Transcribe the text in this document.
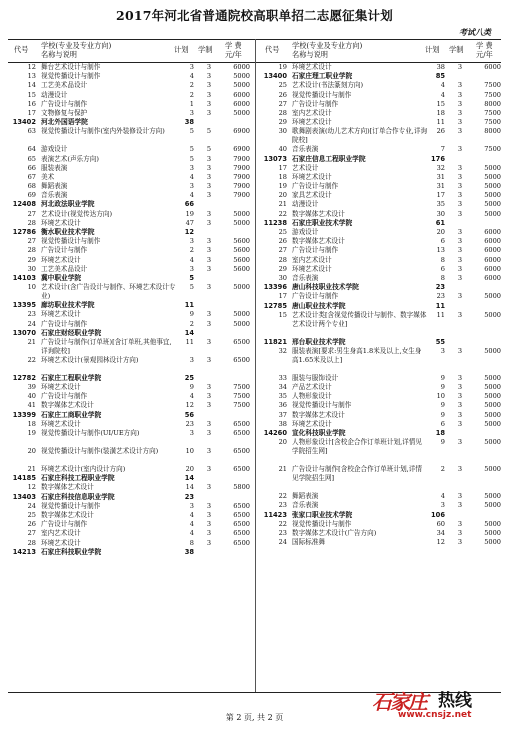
2017年河北省普通院校高职单招二志愿征集计划
考试八类
代号 学校(专业及专业方向)
名称与说明	计划 学制 学 费
元/年	代号 学校(专业及专业方向)
名称与说明	计划 学制 学 费
元/年
12 舞台艺术设计与制作	3	3	6000
13 视觉传播设计与制作	4	3	5000
14 工艺美术品设计	2	3	5000
15 动漫设计	2	3	6000
16 广告设计与制作	1	3	6000
17 文物修复与保护	3	3	5000
13402 河北外国语学院	38
63 视觉传播设计与制作(室内外装修设计方向)	5	5	6900
64 游戏设计	5	5	6900
65 表演艺术(声乐方向)	5	3	7900
66 服装表演	3	3	7900
67 美术	4	3	7900
68 舞蹈表演	3	3	7900
69 音乐表演	4	3	7900
12408 河北政法职业学院	66
27 艺术设计(视觉传达方向)	19	3	5000
28 环境艺术设计	47	3	5000
12786 衡水职业技术学院	12
27 视觉传播设计与制作	3	3	5600
28 广告设计与制作	2	3	5600
29 环境艺术设计	4	3	5600
30 工艺美术品设计	3	3	5600
14103 冀中职业学院	5
10 艺术设计(含广告设计与制作、环境艺术设计专业)
5	3	5000
13395 廊坊职业技术学院	11
23 环境艺术设计	9	3	5000
24 广告设计与制作	2	3	5000
13070 石家庄财经职业学院	14
21 广告设计与制作(订单班)[含订单班,其他事宜,详询院校]
11	3	6500
22 环境艺术设计(景观园林设计方向)	3	3	6500
12782 石家庄工程职业学院	25
39 环境艺术设计	9	3	7500
40 广告设计与制作	4	3	7500
41 数字媒体艺术设计	12	3	7500
13399 石家庄工商职业学院	56
18 环境艺术设计	23	3	6500
19 视觉传播设计与制作(UI/UE方向)	3	3	6500
20 视觉传播设计与制作(装潢艺术设计方向)	10	3	6500
21 环境艺术设计(室内设计方向)	20	3	6500
14185 石家庄科技工程职业学院	14
12 数字媒体艺术设计	14	3	5800
13403 石家庄科技信息职业学院	23
24 视觉传播设计与制作	3	3	6500
25 数字媒体艺术设计	4	3	6500
26 广告设计与制作	4	3	6500
27 室内艺术设计	4	3	6500
28 环境艺术设计	8	3	6500
14213 石家庄科技职业学院	38
19 环境艺术设计	38	3	6000
13400 石家庄理工职业学院	85
25 艺术设计(书法篆刻方向)	4	3	7500
26 视觉传播设计与制作	4	3	7500
27 广告设计与制作	15	3	8000
28 室内艺术设计	18	3	7500
29 环境艺术设计	11	3	7500
30 歌舞剧表演(幼儿艺术方向)[订单合作专业,详询院校]
26	3	8000
40 音乐表演	7	3	7500
13073 石家庄信息工程职业学院	176
17 艺术设计	32	3	5000
18 环境艺术设计	31	3	5000
19 广告设计与制作	31	3	5000
20 家具艺术设计	17	3	5000
21 动漫设计	35	3	5000
22 数字媒体艺术设计	30	3	5000
11238 石家庄职业技术学院	61
25 游戏设计	20	3	6000
26 数字媒体艺术设计	6	3	6000
27 广告设计与制作	13	3	6000
28 室内艺术设计	8	3	6000
29 环境艺术设计	6	3	6000
30 音乐表演	8	3	6000
13396 唐山科技职业技术学院	23
17 广告设计与制作	23	3	5000
12785 唐山职业技术学院	11
15 艺术设计类[含视觉传播设计与制作、数字媒体艺术设计两个专业]
11	3	5000
11821 邢台职业技术学院	55
32 服装表演[要求:男生身高1.8米及以上,女生身高1.65米及以上]
3	3	5000
33 服装与服饰设计	9	3	5000
34 产品艺术设计	9	3	5000
35 人物形象设计	10	3	5000
36 视觉传播设计与制作	9	3	5000
37 数字媒体艺术设计	9	3	5000
38 环境艺术设计	6	3	5000
14260 宣化科技职业学院	18
20 人物形象设计[含校企合作订单班计划,详情见学院招生网]
9	3	5000
21 广告设计与制作[含校企合作订单班计划,详情见学院招生网]
2	3	5000
22 舞蹈表演	4	3	5000
23 音乐表演	3	3	5000
11423 张家口职业技术学院	106
22 视觉传播设计与制作	60	3	5000
23 数字媒体艺术设计(广告方向)	34	3	5000
24 国际标准舞	12	3	5000
第 2 页, 共 2 页
石家庄 热线
www.cnsjz.net
